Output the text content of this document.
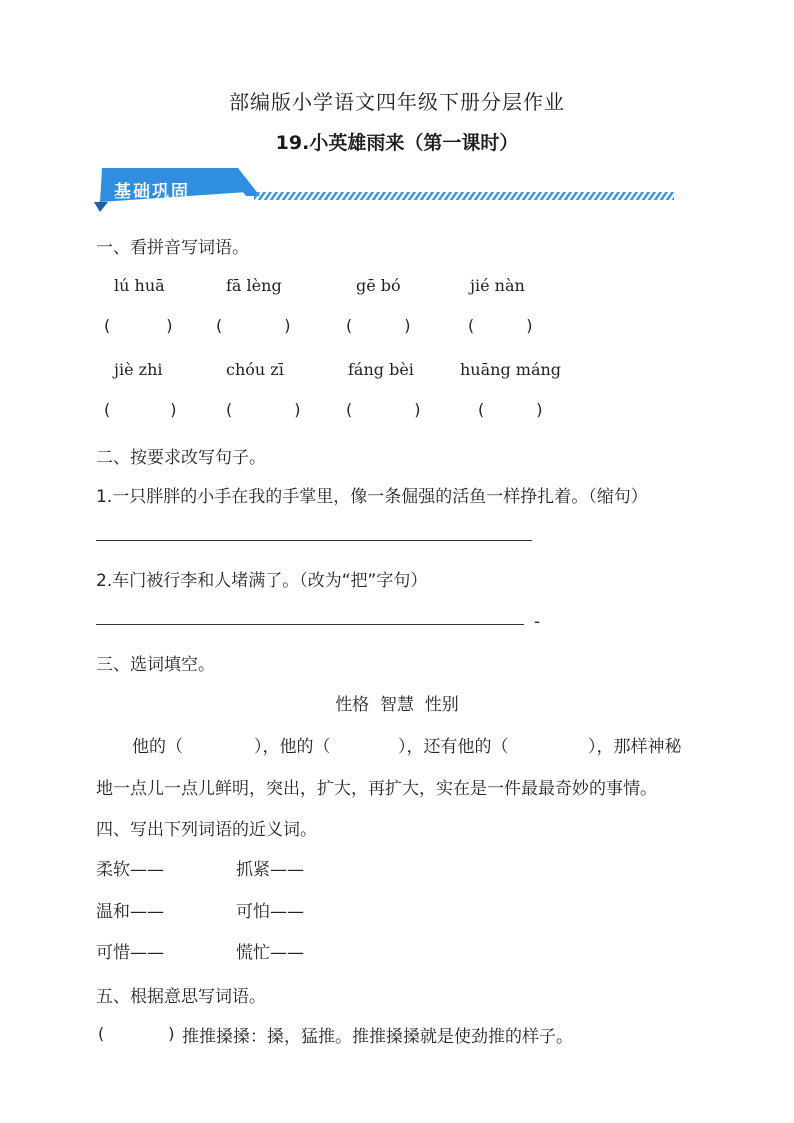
部编版小学语文四年级下册分层作业
19.小英雄雨来（第一课时）
基础巩固
一、看拼音写词语。
lú huā	fā lèng	gē bó	jié nàn
(	)	(	)	(	)	(	)
jiè zhi	chóu zī	fáng bèi	huāng máng
(	)	(	)	(	)	(	)
二、按要求改写句子。
1.一只胖胖的小手在我的手掌里，像一条倔强的活鱼一样挣扎着。（缩句）
2.车门被行李和人堵满了。（改为“把”字句）
-
三、选词填空。
性格  智慧  性别
他的（	），他的（	），还有他的（	），那样神秘
地一点儿一点儿鲜明，突出，扩大，再扩大，实在是一件最最奇妙的事情。
四、写出下列词语的近义词。
柔软——	抓紧——
温和——	可怕——
可惜——	慌忙——
五、根据意思写词语。
(	) 推推搡搡：搡，猛推。推推搡搡就是使劲推的样子。
